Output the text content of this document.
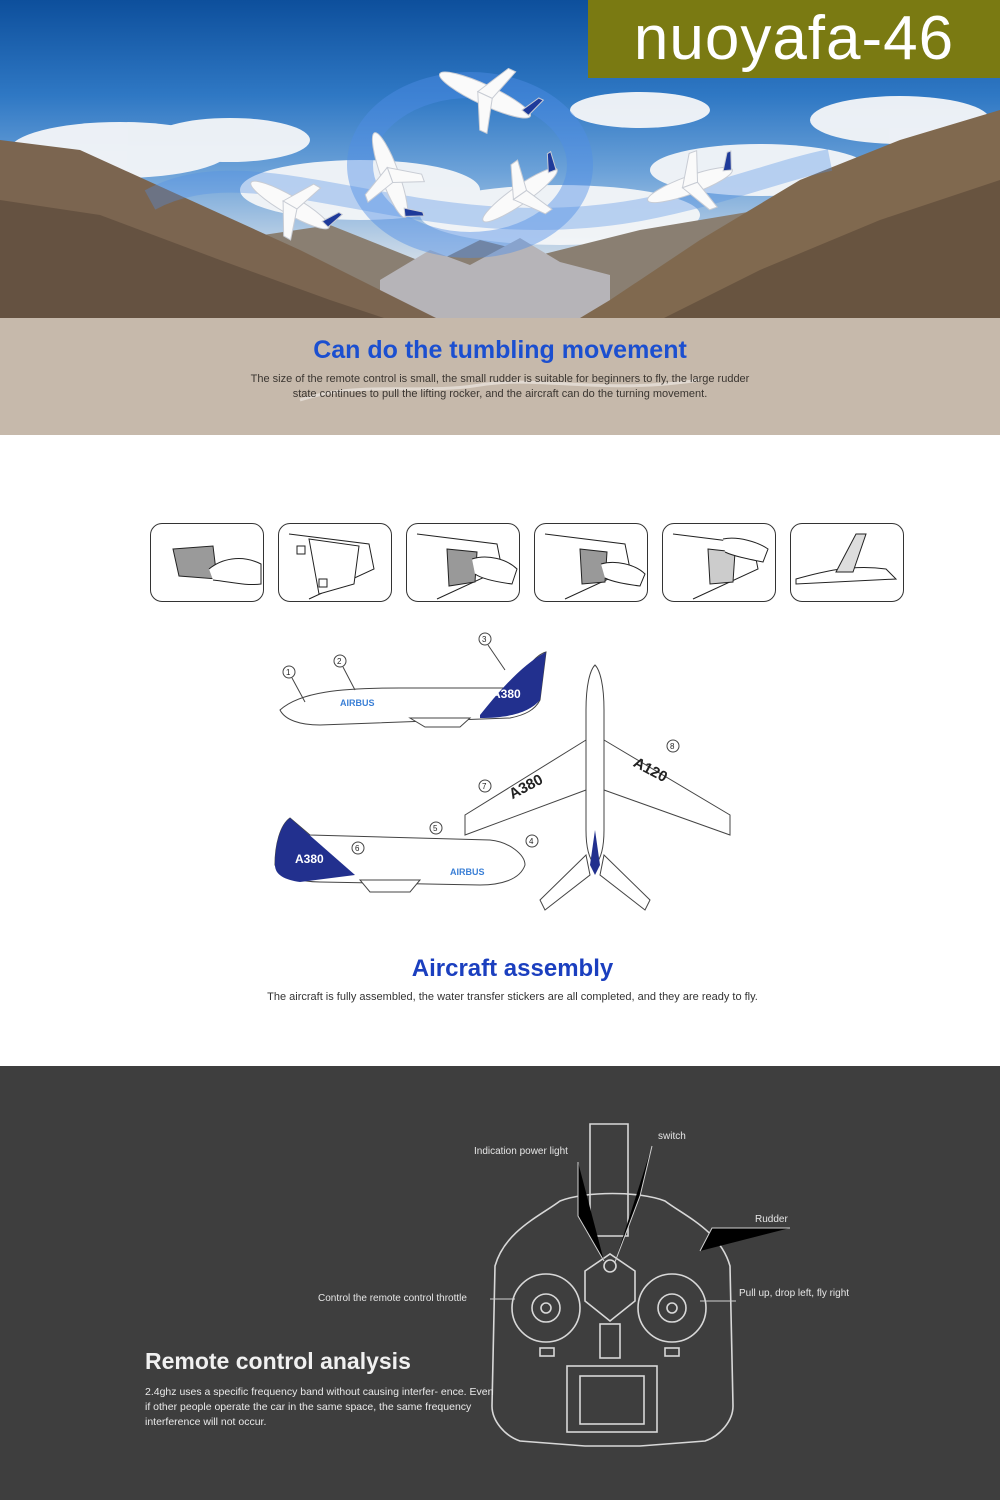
nuoyafa-46
Can do the tumbling movement

The size of the remote control is small, the small rudder is suitable for beginners to fly, the large rudder state continues to pull the lifting rocker, and the aircraft can do the turning movement.

A380
AIRBUS
1
2
3
A380
AIRBUS
6
5
4
A380
A120
7
8
Aircraft assembly

The aircraft is fully assembled, the water transfer stickers are all completed, and they are ready to fly.

Indication power light
switch
Rudder
Control the remote control throttle	Pull up, drop left, fly right
Remote control analysis

2.4ghz uses a specific frequency band without causing interfer- ence. Even if other people operate the car in the same space, the same frequency interference will not occur.
